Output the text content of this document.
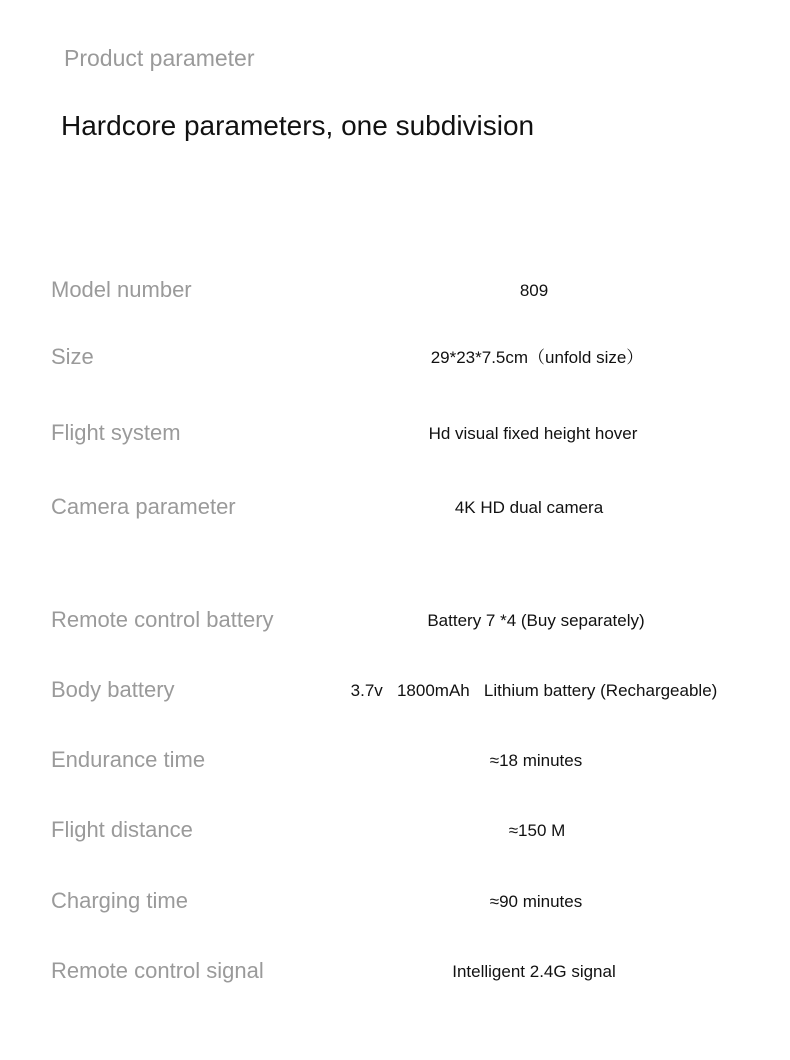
Product parameter
Hardcore parameters, one subdivision
Model number	809
Size	29*23*7.5cm（unfold size）
Flight system	Hd visual fixed height hover
Camera parameter	4K HD dual camera
Remote control battery	Battery 7 *4 (Buy separately)
Body battery	3.7v   1800mAh   Lithium battery (Rechargeable)
Endurance time	≈18 minutes
Flight distance	≈150 M
Charging time	≈90 minutes
Remote control signal	Intelligent 2.4G signal
